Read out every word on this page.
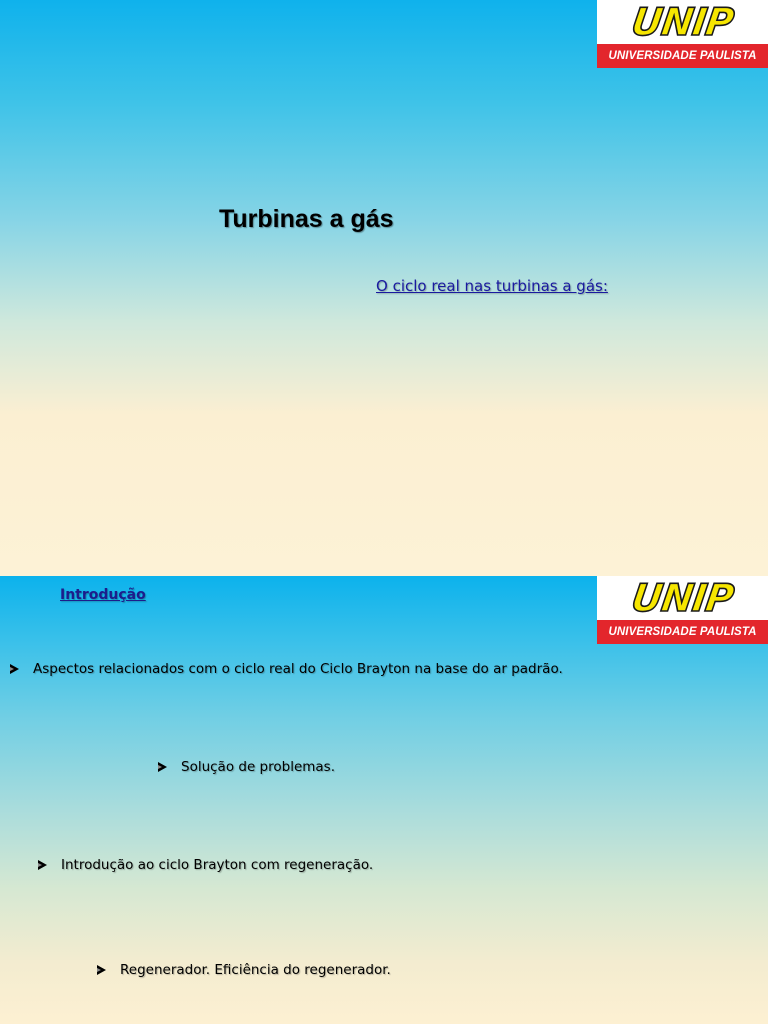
UNIP
UNIVERSIDADE PAULISTA
Turbinas a gás
O ciclo real nas turbinas a gás:
UNIP
UNIVERSIDADE PAULISTA
Introdução
Aspectos relacionados com o ciclo real do Ciclo Brayton na base do ar padrão.
Solução de problemas.
Introdução ao ciclo Brayton com regeneração.
Regenerador. Eficiência do regenerador.
